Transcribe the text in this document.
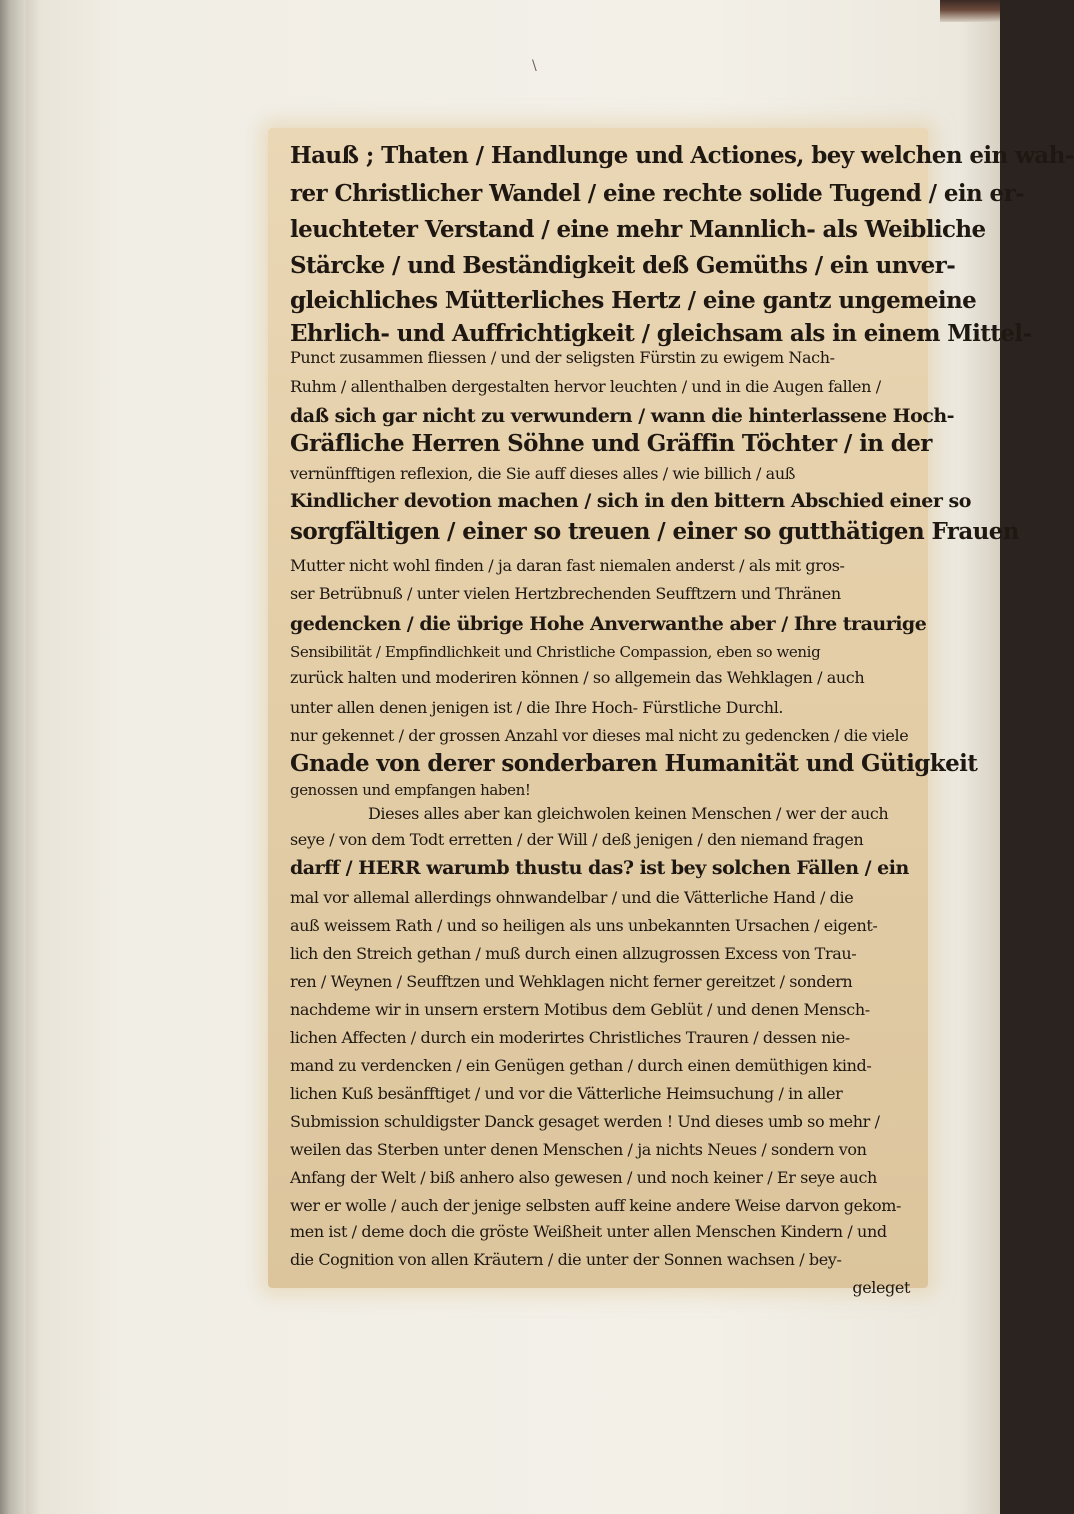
\
Hauß ; Thaten / Handlunge und Actiones, bey welchen ein wah-
rer Christlicher Wandel / eine rechte solide Tugend / ein er-
leuchteter Verstand / eine mehr Mannlich- als Weibliche
Stärcke / und Beständigkeit deß Gemüths / ein unver-
gleichliches Mütterliches Hertz / eine gantz ungemeine
Ehrlich- und Auffrichtigkeit / gleichsam als in einem Mittel-
Punct zusammen fliessen / und der seligsten Fürstin zu ewigem Nach-
Ruhm / allenthalben dergestalten hervor leuchten / und in die Augen fallen /
daß sich gar nicht zu verwundern / wann die hinterlassene Hoch-
Gräfliche Herren Söhne und Gräffin Töchter / in der
vernünfftigen reflexion, die Sie auff dieses alles / wie billich / auß
Kindlicher devotion machen / sich in den bittern Abschied einer so
sorgfältigen / einer so treuen / einer so gutthätigen Frauen
Mutter nicht wohl finden / ja daran fast niemalen anderst / als mit gros-
ser Betrübnuß / unter vielen Hertzbrechenden Seufftzern und Thränen
gedencken / die übrige Hohe Anverwanthe aber / Ihre traurige
Sensibilität / Empfindlichkeit und Christliche Compassion, eben so wenig
zurück halten und moderiren können / so allgemein das Wehklagen / auch
unter allen denen jenigen ist / die Ihre Hoch- Fürstliche Durchl.
nur gekennet / der grossen Anzahl vor dieses mal nicht zu gedencken / die viele
Gnade von derer sonderbaren Humanität und Gütigkeit
genossen und empfangen haben!
Dieses alles aber kan gleichwolen keinen Menschen / wer der auch
seye / von dem Todt erretten / der Will / deß jenigen / den niemand fragen
darff / HERR warumb thustu das? ist bey solchen Fällen / ein
mal vor allemal allerdings ohnwandelbar / und die Vätterliche Hand / die
auß weissem Rath / und so heiligen als uns unbekannten Ursachen / eigent-
lich den Streich gethan / muß durch einen allzugrossen Excess von Trau-
ren / Weynen / Seufftzen und Wehklagen nicht ferner gereitzet / sondern
nachdeme wir in unsern erstern Motibus dem Geblüt / und denen Mensch-
lichen Affecten / durch ein moderirtes Christliches Trauren / dessen nie-
mand zu verdencken / ein Genügen gethan / durch einen demüthigen kind-
lichen Kuß besänfftiget / und vor die Vätterliche Heimsuchung / in aller
Submission schuldigster Danck gesaget werden ! Und dieses umb so mehr /
weilen das Sterben unter denen Menschen / ja nichts Neues / sondern von
Anfang der Welt / biß anhero also gewesen / und noch keiner / Er seye auch
wer er wolle / auch der jenige selbsten auff keine andere Weise darvon gekom-
men ist / deme doch die gröste Weißheit unter allen Menschen Kindern / und
die Cognition von allen Kräutern / die unter der Sonnen wachsen / bey-
geleget
